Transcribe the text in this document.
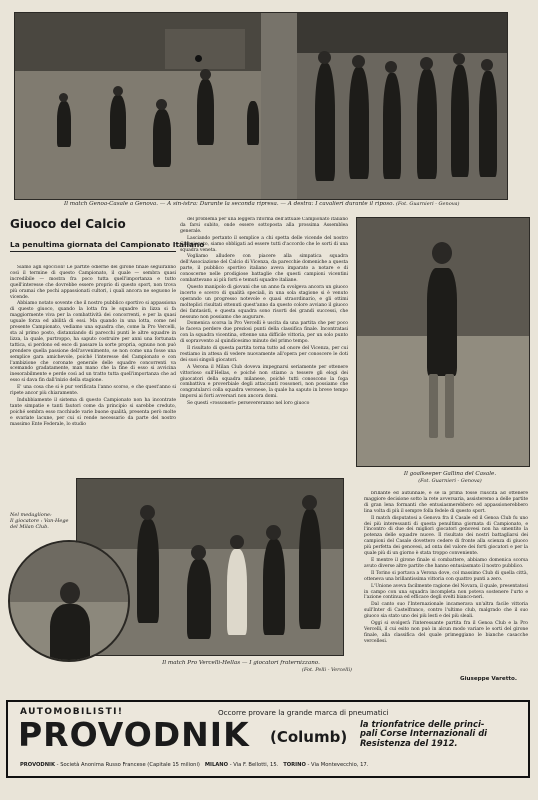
Il match Genoa-Casale a Genova. — A sin-istra: Durante la seconda ripresa. — A destra: I cavalieri durante il riposo. (Fot. Guarnieri - Genova)
Giuoco del Calcio
La penultima giornata del Campionato Italiano

Siamo agli sgoccioli! Le partite odierne del girone finale seguiranno così il termine di questo Campionato, il quale — sembra quasi incredibile — mostra fra poco tutta quell'importanza e tutto quell'interesse che dovrebbe essere proprio di questo sport, non trova più oramai che pochi appassionati cultori, i quali ancora ne seguono le vicende.

Abbiamo notato sovente che il nostro pubblico sportivo si appassiona di questo giuoco, quando la lotta fra le squadre in lizza si fa maggiormente viva per la combattività dei concorrenti, e per la quasi uguale forza ed abilità di essi. Ma quando in una lotta, come nel presente Campionato, vediamo una squadra che, come la Pro Vercelli, sta al primo posto, distanziando di parecchi punti le altre squadre in lizza, la quale, purtroppo, ha saputo costruire per anni una fortunata tattica, si perdono ed esce di passare la sorte propria, ognuno non può prendere quella passione dell'avvenimento, se non come una fosse una semplice gara amichevole, poiché l'interesse del Campionato e con l'ambizione che coronate generale delle squadre concorrenti va scemando gradatamente, man mano che la fine di esso si avvicina inesorabilmente e perde così ad un tratto tutta quell'importanza che ad esso si dava fin dall'inizio della stagione.

E' una cosa che si è pur verificata l'anno scorso, e che quest'anno si ripete ancor più chiaramente.

Indubbiamente il sistema di questo Campionato non ha incontrate tante simpatie e tanti fautori come da principio si sarebbe creduto, poiché sembra esso racchiude varie buone qualità, presenta però molte e svariate lacune, per cui si rende necessario da parte del nostro massimo Ente Federale, lo studio

del problema per una leggera riforma dell'attuale Campionato italiano da farsi subito, onde essere sottoposta alla prossima Assemblea generale.

Lasciando pertanto il semplice a chi spetta delle vicende del nostro Campionato, siamo obbligati ad essere tutti d'accordo che le sorti di una squadra veneta.

Vogliamo alludere con piacere alla simpatica squadra dell'Associazione del Calcio di Vicenza, da parecchie domeniche a questa parte, il pubblico sportivo italiano aveva imparato a notare e di conoscerne nelle prodigiose battaglie che questi campioni vicentini combattevano ai più forti e temuti squadre italiane.

Questo manipolo di giovani che un anno fa svolgeva ancora un giuoco incerto e scevro di qualità speciali, in una sola stagione si è venuto operando un progresso notevole e quasi straordinario, e gli ottimi molteplici risultati ottenuti quest'anno da questo colore avviano il giuoco dei fantasisti, e questa squadra sono risorti dei grandi successi, che nessuno non possiamo che augurare.

Domenica scorsa la Pro Vercelli è uscita da una partita che per poco le faceva perdere due preziosi punti della classifica finale. Incontratasi con la squadra vicentina, ottenne una difficile vittoria, per un solo punto di sopravvento al quindicesimo minuto del primo tempo.

Il risultato di questa partita torna tutto ad onore del Vicenza, per cui restiamo in attesa di vedere nuovamente all'opera per conoscere le doti dei suoi singoli giocatori.

A Verona il Milan Club doveva impegnarsi seriamente per ottenere vittorioso sull'Hellas, e poiché non stiamo a tessere gli elogi dei giuocatori della squadra milanese, poiché tutti conoscono la foga combattiva e proverbiale degli attaccanti rossoneri, non possiamo che congratularci colla squadra veronese, la quale ha saputo in breve tempo imporsi ai forti avversari non ancora domi.

Se questi «rossoneri» persevereranno nel loro giuoco

Il goalkeeper Gallina del Casale.
(Fot. Guarnieri - Genova)
Nel medaglione:
Il giocatore : Van-Hege del Milan Club.
Il match Pro Vercelli-Hellas — I giocatori fraternizzano.
(Fot. Pelli - Vercelli)

brillante ed autunnale, e se la prima fosse riuscita ad ottenere maggiore decisione sotto la rete avversaria, assisteremo a delle partite di gran lena formanti che entusiasmerebbero ed appassionerebbero lina volta di più il sempre folla fedele di questo sport.

Il match disputatosi a Genova fra il Casale ed il Genoa Club fu uno dei più interessanti di questa penultima giornata di Campionato, e l'incontro di due dei migliori giocatori genovesi non ha smentito la potenza delle squadre nuove. Il risultato dei nostri battagliarsi dei campioni del Casale dovettero cedere di fronte alla scienza di giuoco più perfetta dei genovesi, ad onta del valore dei forti giocatori e per la quale più di un giorno è stata troppo conveniente.

E mentre il girone finale si combattere, abbiamo domenica scorsa avuto diverse altre partite che hanno entusiasmato il nostro pubblico.

Il Torino si portava a Verona dove, col massimo Club di quella città, otteneva una brillantissima vittoria con quattro punti a zero.

L'Unione aveva facilmente ragione del Novara, il quale, presentatosi in campo con una squadra incompleta non poteva sostenere l'urto e l'azione continua ed efficace degli svelti bianco-neri.

Dal canto suo l'Internazionale incamerava un'altra facile vittoria sull'Inter di Castelfranco, contro l'ultimo club, malgrado che il suo giuoco sia stato uno dei più lesti e dei più sleali.

Oggi si svolgerà l'interessante partita fra il Genoa Club e la Pro Vercelli, il cui esito non può in alcun modo variare le sorti del girone finale, alla classifica del quale primeggiano le bianche casacche vercellesi.

Giuseppe Varetto.
AUTOMOBILISTI!	Occorre provare la grande marca di pneumatici
PROVODNIK (Columb)
la trionfatrice delle princi-
pali Corse Internazionali di
Resistenza del 1912.
PROVODNIK - Società Anonima Russo Francese (Capitale 15 milioni) MILANO - Via F. Bellotti, 15. TORINO - Via Montevecchio, 17.
